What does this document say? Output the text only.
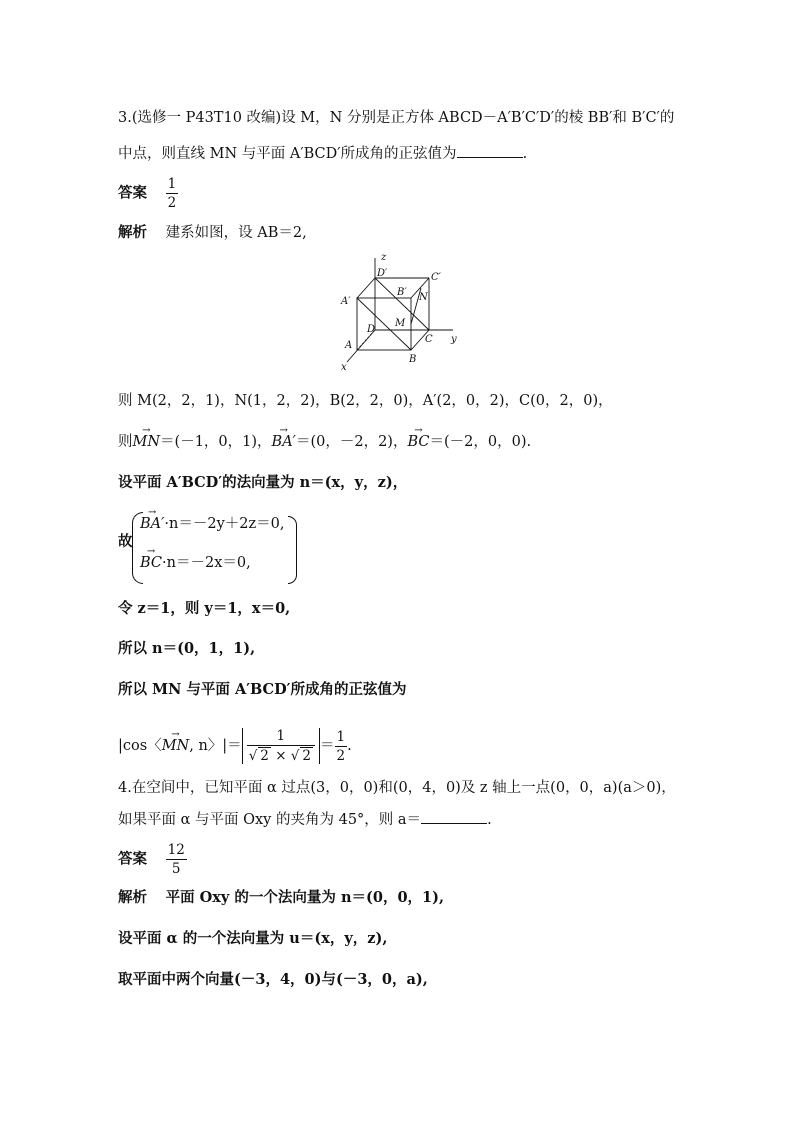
3.(选修一 P43T10 改编)设 M，N 分别是正方体 ABCD－A′B′C′D′的棱 BB′和 B′C′的
中点，则直线 MN 与平面 A′BCD′所成角的正弦值为	.
答案 $\frac{1}{2}$
解析 建系如图，设 AB＝2,
z
y
x
D′	C′
A′
B′ N
M
D
C
A
B
则 M(2，2，1)，N(1，2，2)，B(2，2，0)，A′(2，0，2)，C(0，2，0)，
则→ MN＝(－1，0，1)，→ BA′＝(0，－2，2)，→ BC＝(－2，0，0).
设平面 A′BCD′的法向量为 n＝(x，y，z)，
故
→ BA′·n＝－2y＋2z＝0,
→ BC·n＝－2x＝0,
令 z＝1，则 y＝1，x＝0,
所以 n＝(0，1，1),
所以 MN 与平面 A′BCD′所成角的正弦值为
|cos〈→ MN, n〉|＝ $\frac{1}{√ 2 \times √ 2} = \frac{1}{2}$ .
4.在空间中，已知平面 α 过点(3，0，0)和(0，4，0)及 z 轴上一点(0，0，a)(a＞0)，
如果平面 α 与平面 Oxy 的夹角为 45°，则 a＝	.
答案 $\frac{12}{5}$
解析 平面 Oxy 的一个法向量为 n＝(0，0，1),
设平面 α 的一个法向量为 u＝(x，y，z),
取平面中两个向量(－3，4，0)与(－3，0，a),
